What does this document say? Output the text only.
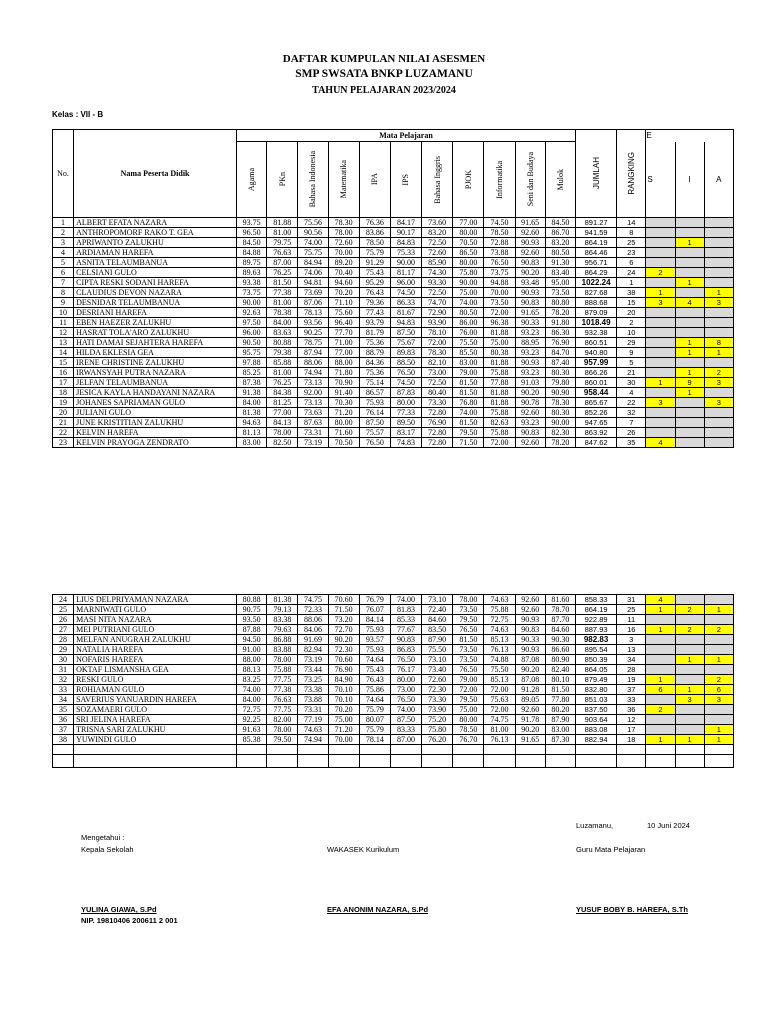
DAFTAR KUMPULAN NILAI ASESMEN
SMP SWSATA BNKP LUZAMANU
TAHUN PELAJARAN 2023/2024
Kelas : VII - B
No.	Nama Peserta Didik	Mata Pelajaran											JUMLAH	RANGKING	E		

		Agama	PKn	Bahasa Indonesia	Matematika	IPA	IPS	Bahasa Inggris	PJOK	Informatika	Seni dan Budaya	Mulok			S	I	A
1	ALBERT EFATA NAZARA	93.75	81.88	75.56	78.30	76.36	84.17	73.60	77.00	74.50	91.65	84.50	891.27	14			
2	ANTHROPOMORF RAKO T. GEA	96.50	81.00	90.56	78.00	83.86	90.17	83.20	80.00	78.50	92.60	86.70	941.59	8			
3	APRIWANTO ZALUKHU	84.50	79.75	74.00	72.60	78.50	84.83	72.50	70.50	72.88	90.93	83.20	864.19	25		1	
4	ARDIAMAN HAREFA	84.88	76.63	75.75	70.00	75.79	75.33	72.60	86.50	73.88	92.60	80.50	864.46	23			
5	ASNITA TELAUMBANUA	89.75	87.00	84.94	89.20	91.29	90.00	85.90	80.00	76.50	90.83	91.30	956.71	6			
6	CELSIANI GULO	89.63	76.25	74.06	70.40	75.43	81.17	74.30	75.80	73.75	90.20	83.40	864.29	24	2		
7	CIPTA RESKI SODANI HAREFA	93.38	81.50	94.81	94.60	95.29	96.00	93.30	90.00	94.88	93.48	95.00	1022.24	1		1	
8	CLAUDIUS DEVON NAZARA	73.75	77.38	73.69	70.20	76.43	74.50	72.50	75.00	70.00	90.93	73.50	827.68	38	1		1
9	DESNIDAR TELAUMBANUA	90.00	81.00	87.06	71.10	79.36	86.33	74.70	74.00	73.50	90.83	80.80	888.68	15	3	4	3
10	DESRIANI HAREFA	92.63	78.38	78.13	75.60	77.43	81.67	72.90	80.50	72.00	91.65	78.20	879.09	20			
11	EBEN HAEZER ZALUKHU	97.50	84.00	93.56	96.40	93.79	94.83	93.90	86.00	96.38	90.33	91.80	1018.49	2			
12	HASRAT TOLA'ARO ZALUKHU	96.00	83.63	90.25	77.70	81.79	87.50	78.10	76.00	81.88	93.23	86.30	932.38	10			
13	HATI DAMAI SEJAHTERA HAREFA	90.50	80.88	78.75	71.00	75.36	75.67	72.00	75.50	75.00	88.95	76.90	860.51	29		1	8
14	HILDA EKLESIA GEA	95.75	79.38	87.94	77.00	88.79	89.83	78.30	85.50	80.38	93.23	84.70	940.80	9		1	1
15	IRENE CHRISTINE ZALUKHU	97.88	85.88	88.06	88.00	84.36	88.50	82.10	83.00	81.88	90.93	87.40	957.99	5			
16	IRWANSYAH PUTRA NAZARA	85.25	81.00	74.94	71.80	75.36	76.50	73.00	79.00	75.88	93.23	80.30	866.26	21		1	2
17	JELFAN TELAUMBANUA	87.38	76.25	73.13	70.90	75.14	74.50	72.50	81.50	77.88	91.03	79.80	860.01	30	1	9	3
18	JESICA KAYLA HANDAYANI NAZARA	91.38	84.38	92.00	91.40	86.57	87.83	80.40	81.50	81.88	90.20	90.90	958.44	4		1	
19	JOHANES SAPRIAMAN GULO	84.00	81.25	73.13	70.30	75.93	80.00	73.30	76.80	81.88	90.78	78.30	865.67	22	3		3
20	JULIANI GULO	81.38	77.00	73.63	71.20	76.14	77.33	72.80	74.00	75.88	92.60	80.30	852.26	32			
21	JUNE KRISTITIAN ZALUKHU	94.63	84.13	87.63	80.00	87.50	89.50	76.90	81.50	82.63	93.23	90.00	947.65	7			
22	KELVIN HAREFA	81.13	78.00	73.31	71.60	75.57	83.17	72.80	79.50	75.88	90.83	82.30	863.92	26			
23	KELVIN PRAYOGA ZENDRATO	83.00	82.50	73.19	70.50	76.50	74.83	72.80	71.50	72.00	92.60	78.20	847.62	35	4		
24	LIUS DELPRIYAMAN NAZARA	80.88	81.38	74.75	70.60	76.79	74.00	73.10	78.00	74.63	92.60	81.60	858.33	31	4		
25	MARNIWATI GULO	90.75	79.13	72.33	71.50	76.07	81.83	72.40	73.50	75.88	92.60	78.70	864.19	25	1	2	1
26	MASI NITA NAZARA	93.50	83.38	88.06	73.20	84.14	85.33	84.60	79.50	72.75	90.93	87.70	922.89	11			
27	MEI PUTRIANI GULO	87.88	79.63	84.06	72.70	75.93	77.67	83.50	76.50	74.63	90.83	84.60	887.93	16	1	2	2
28	MELFAN ANUGRAH ZALUKHU	94.50	86.88	91.69	90.20	93.57	90.83	87.90	81.50	85.13	90.33	90.30	982.83	3			
29	NATALIA HAREFA	91.00	83.88	82.94	72.30	75.93	86.83	75.50	73.50	76.13	90.93	86.60	895.54	13			
30	NOFARIS HAREFA	88.00	78.00	73.19	70.60	74.64	76.50	73.10	73.50	74.88	87.08	80.90	850.39	34		1	1
31	OKTAF LISMANSHA GEA	88.13	75.88	73.44	76.90	75.43	76.17	73.40	76.50	75.50	90.20	82.40	864.05	28			
32	RESKI GULO	83.25	77.75	73.25	84.90	76.43	80.00	72.60	79.00	85.13	87.08	80.10	879.49	19	1		2
33	ROHIAMAN GULO	74.00	77.38	73.38	70.10	75.86	73.00	72.30	72.00	72.00	91.28	81.50	832.80	37	6	1	6
34	SAVERIUS YANUARDIN HAREFA	84.00	76.63	73.88	70.10	74.64	76.50	73.30	79.50	75.63	89.05	77.80	851.03	33		3	3
35	SOZAMAERI GULO	72.75	77.75	73.31	70.20	75.79	74.00	73.90	75.00	72.00	92.60	80.20	837.50	36	2		
36	SRI JELINA HAREFA	92.25	82.00	77.19	75.00	80.07	87.50	75.20	80.00	74.75	91.78	87.90	903.64	12			
37	TRISNA SARI ZALUKHU	91.63	78.00	74.63	71.20	75.79	83.33	75.80	78.50	81.00	90.20	83.00	883.08	17			1
38	YUWINDI GULO	85.38	79.50	74.94	70.00	78.14	87.00	76.20	76.70	76.13	91.65	87.30	882.94	18	1	1	1

Luzamanu,	10 Juni 2024
Mengetahui :
Kepala Sekolah	WAKASEK Kurikulum	Guru Mata Pelajaran
YULINA GIAWA, S.Pd
NIP. 19810406 200611 2 001
EFA ANONIM NAZARA, S.Pd	YUSUF BOBY B. HAREFA, S.Th
